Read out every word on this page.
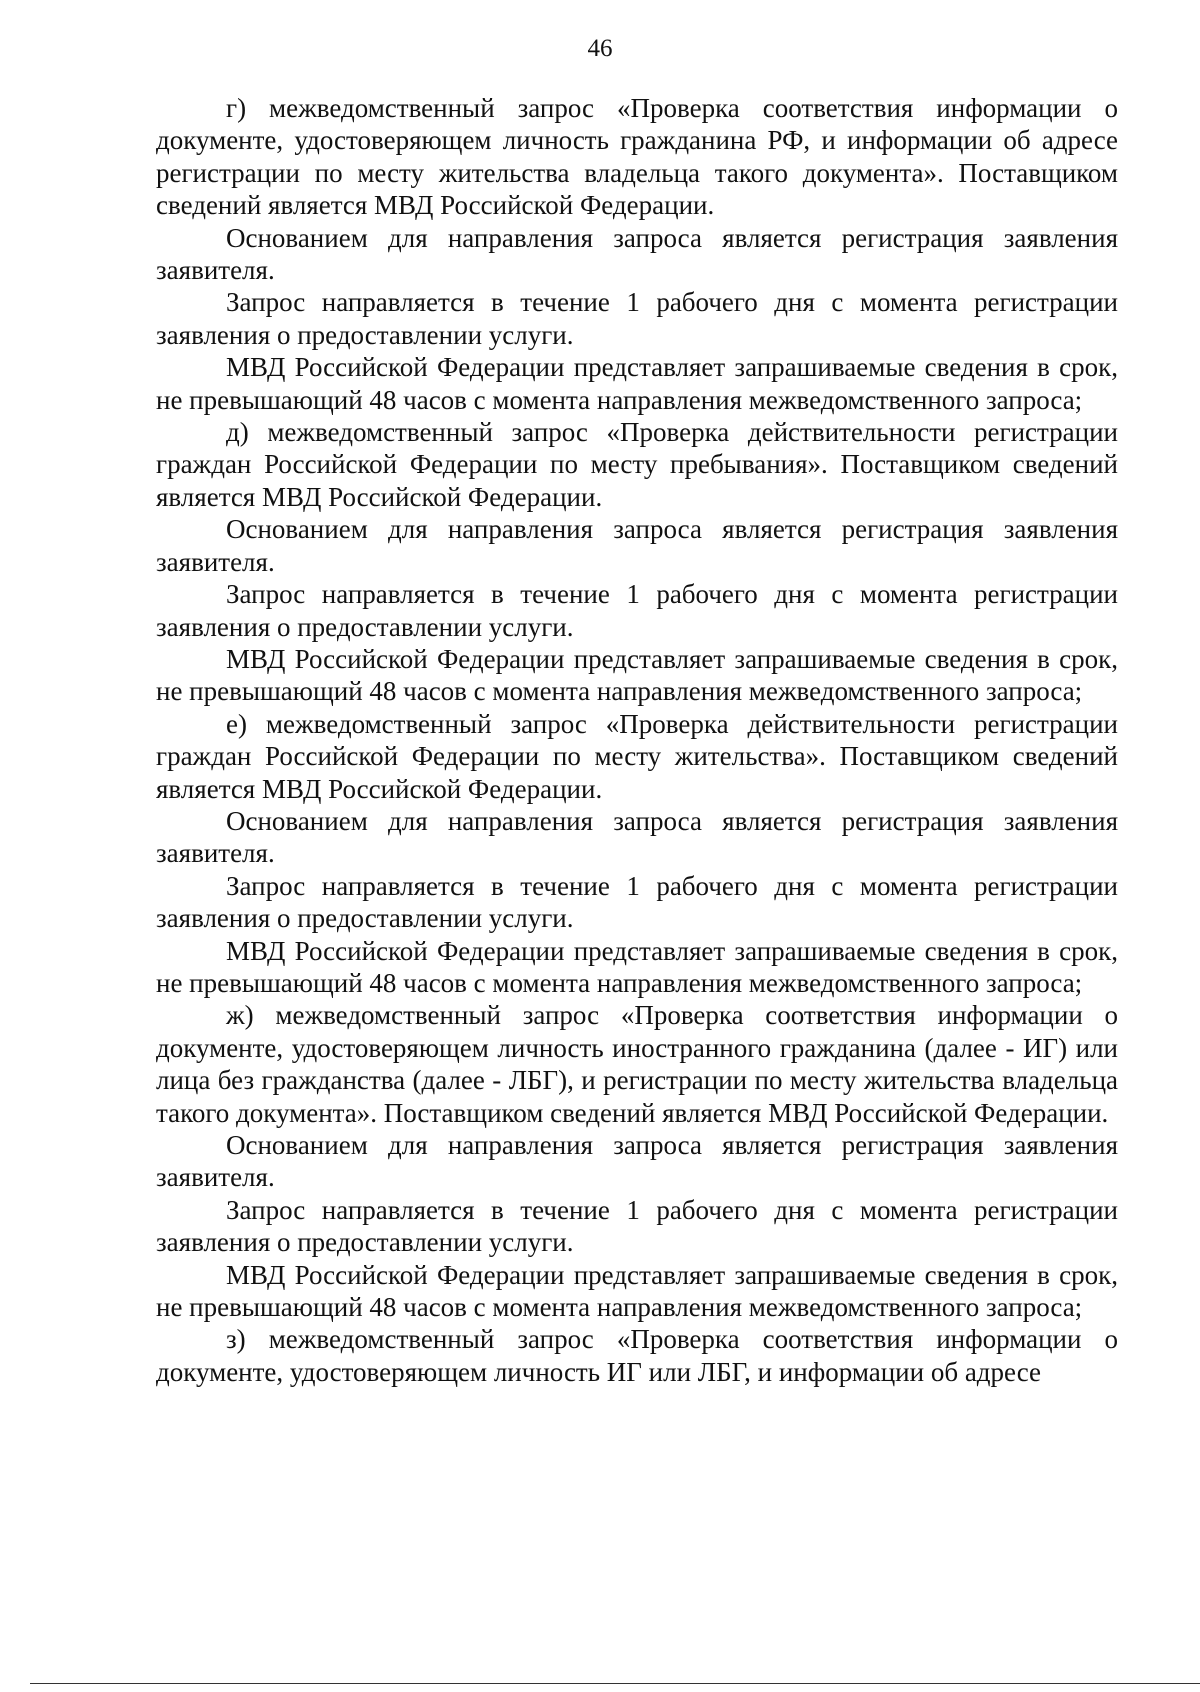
46

г) межведомственный запрос «Проверка соответствия информации о документе, удостоверяющем личность гражданина РФ, и информации об адресе регистрации по месту жительства владельца такого документа». Поставщиком сведений является МВД Российской Федерации.

Основанием для направления запроса является регистрация заявления заявителя.

Запрос направляется в течение 1 рабочего дня с момента регистрации заявления о предоставлении услуги.

МВД Российской Федерации представляет запрашиваемые сведения в срок, не превышающий 48 часов с момента направления межведомственного запроса;

д) межведомственный запрос «Проверка действительности регистрации граждан Российской Федерации по месту пребывания». Поставщиком сведений является МВД Российской Федерации.

Основанием для направления запроса является регистрация заявления заявителя.

Запрос направляется в течение 1 рабочего дня с момента регистрации заявления о предоставлении услуги.

МВД Российской Федерации представляет запрашиваемые сведения в срок, не превышающий 48 часов с момента направления межведомственного запроса;

е) межведомственный запрос «Проверка действительности регистрации граждан Российской Федерации по месту жительства». Поставщиком сведений является МВД Российской Федерации.

Основанием для направления запроса является регистрация заявления заявителя.

Запрос направляется в течение 1 рабочего дня с момента регистрации заявления о предоставлении услуги.

МВД Российской Федерации представляет запрашиваемые сведения в срок, не превышающий 48 часов с момента направления межведомственного запроса;

ж) межведомственный запрос «Проверка соответствия информации о документе, удостоверяющем личность иностранного гражданина (далее - ИГ) или лица без гражданства (далее - ЛБГ), и регистрации по месту жительства владельца такого документа». Поставщиком сведений является МВД Российской Федерации.

Основанием для направления запроса является регистрация заявления заявителя.

Запрос направляется в течение 1 рабочего дня с момента регистрации заявления о предоставлении услуги.

МВД Российской Федерации представляет запрашиваемые сведения в срок, не превышающий 48 часов с момента направления межведомственного запроса;

з) межведомственный запрос «Проверка соответствия информации о документе, удостоверяющем личность ИГ или ЛБГ, и информации об адресе
